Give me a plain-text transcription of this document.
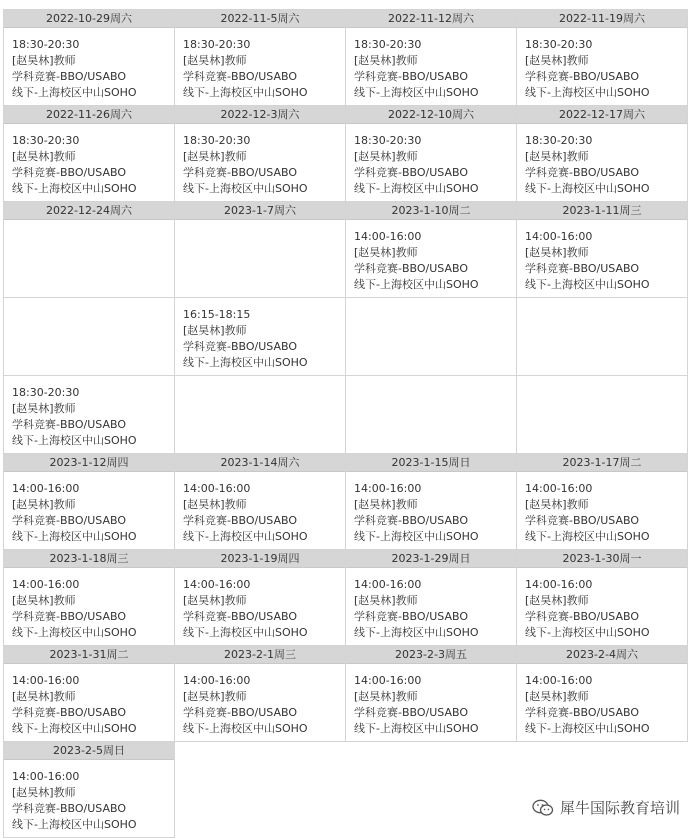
2022-10-29周六
18:30-20:30
[赵昊林]教师
学科竞赛-BBO/USABO
线下-上海校区中山SOHO
2022-11-5周六
18:30-20:30
[赵昊林]教师
学科竞赛-BBO/USABO
线下-上海校区中山SOHO
2022-11-12周六
18:30-20:30
[赵昊林]教师
学科竞赛-BBO/USABO
线下-上海校区中山SOHO
2022-11-19周六
18:30-20:30
[赵昊林]教师
学科竞赛-BBO/USABO
线下-上海校区中山SOHO
2022-11-26周六
18:30-20:30
[赵昊林]教师
学科竞赛-BBO/USABO
线下-上海校区中山SOHO
2022-12-3周六
18:30-20:30
[赵昊林]教师
学科竞赛-BBO/USABO
线下-上海校区中山SOHO
2022-12-10周六
18:30-20:30
[赵昊林]教师
学科竞赛-BBO/USABO
线下-上海校区中山SOHO
2022-12-17周六
18:30-20:30
[赵昊林]教师
学科竞赛-BBO/USABO
线下-上海校区中山SOHO
2022-12-24周六	2023-1-7周六	2023-1-10周二
14:00-16:00
[赵昊林]教师
学科竞赛-BBO/USABO
线下-上海校区中山SOHO
2023-1-11周三
14:00-16:00
[赵昊林]教师
学科竞赛-BBO/USABO
线下-上海校区中山SOHO
16:15-18:15
[赵昊林]教师
学科竞赛-BBO/USABO
线下-上海校区中山SOHO
18:30-20:30
[赵昊林]教师
学科竞赛-BBO/USABO
线下-上海校区中山SOHO
2023-1-12周四
14:00-16:00
[赵昊林]教师
学科竞赛-BBO/USABO
线下-上海校区中山SOHO
2023-1-14周六
14:00-16:00
[赵昊林]教师
学科竞赛-BBO/USABO
线下-上海校区中山SOHO
2023-1-15周日
14:00-16:00
[赵昊林]教师
学科竞赛-BBO/USABO
线下-上海校区中山SOHO
2023-1-17周二
14:00-16:00
[赵昊林]教师
学科竞赛-BBO/USABO
线下-上海校区中山SOHO
2023-1-18周三
14:00-16:00
[赵昊林]教师
学科竞赛-BBO/USABO
线下-上海校区中山SOHO
2023-1-19周四
14:00-16:00
[赵昊林]教师
学科竞赛-BBO/USABO
线下-上海校区中山SOHO
2023-1-29周日
14:00-16:00
[赵昊林]教师
学科竞赛-BBO/USABO
线下-上海校区中山SOHO
2023-1-30周一
14:00-16:00
[赵昊林]教师
学科竞赛-BBO/USABO
线下-上海校区中山SOHO
2023-1-31周二
14:00-16:00
[赵昊林]教师
学科竞赛-BBO/USABO
线下-上海校区中山SOHO
2023-2-1周三
14:00-16:00
[赵昊林]教师
学科竞赛-BBO/USABO
线下-上海校区中山SOHO
2023-2-3周五
14:00-16:00
[赵昊林]教师
学科竞赛-BBO/USABO
线下-上海校区中山SOHO
2023-2-4周六
14:00-16:00
[赵昊林]教师
学科竞赛-BBO/USABO
线下-上海校区中山SOHO
2023-2-5周日
14:00-16:00
[赵昊林]教师
学科竞赛-BBO/USABO
线下-上海校区中山SOHO
犀牛国际教育培训
